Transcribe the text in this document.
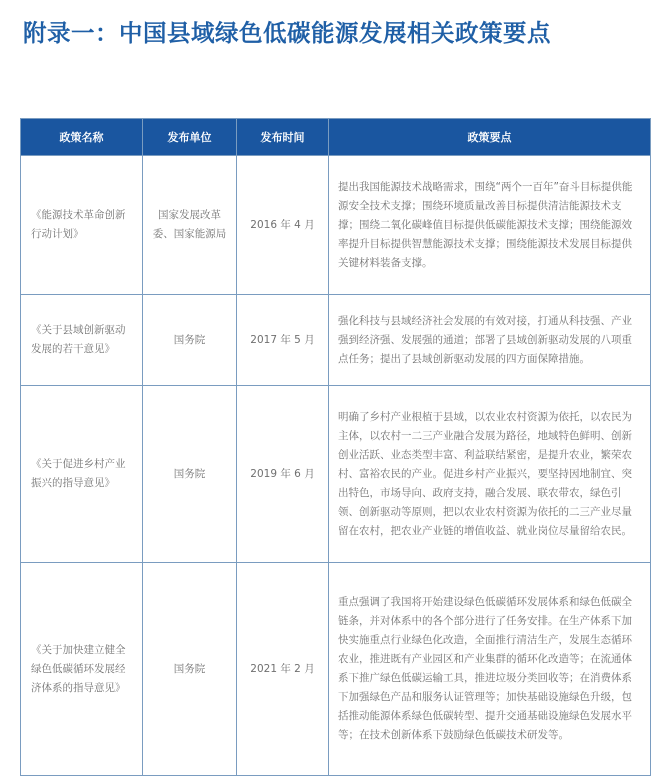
附录一：中国县域绿色低碳能源发展相关政策要点
政策名称	发布单位	发布时间	政策要点
《能源技术革命创新行动计划》	国家发展改革委、国家能源局	2016 年 4 月	提出我国能源技术战略需求，围绕“两个一百年”奋斗目标提供能源安全技术支撑；围绕环境质量改善目标提供清洁能源技术支撑；围绕二氧化碳峰值目标提供低碳能源技术支撑；围绕能源效率提升目标提供智慧能源技术支撑；围绕能源技术发展目标提供关键材料装备支撑。
《关于县域创新驱动发展的若干意见》	国务院	2017 年 5 月	强化科技与县域经济社会发展的有效对接，打通从科技强、产业强到经济强、发展强的通道；部署了县域创新驱动发展的八项重点任务；提出了县域创新驱动发展的四方面保障措施。
《关于促进乡村产业振兴的指导意见》	国务院	2019 年 6 月	明确了乡村产业根植于县域，以农业农村资源为依托，以农民为主体，以农村一二三产业融合发展为路径，地域特色鲜明、创新创业活跃、业态类型丰富、利益联结紧密，是提升农业，繁荣农村、富裕农民的产业。促进乡村产业振兴，要坚持因地制宜、突出特色，市场导向、政府支持，融合发展、联农带农，绿色引领、创新驱动等原则，把以农业农村资源为依托的二三产业尽量留在农村，把农业产业链的增值收益、就业岗位尽量留给农民。
《关于加快建立健全绿色低碳循环发展经济体系的指导意见》	国务院	2021 年 2 月	重点强调了我国将开始建设绿色低碳循环发展体系和绿色低碳全链条，并对体系中的各个部分进行了任务安排。在生产体系下加快实施重点行业绿色化改造，全面推行清洁生产，发展生态循环农业，推进既有产业园区和产业集群的循环化改造等；在流通体系下推广绿色低碳运输工具，推进垃圾分类回收等；在消费体系下加强绿色产品和服务认证管理等；加快基础设施绿色升级，包括推动能源体系绿色低碳转型、提升交通基础设施绿色发展水平等；在技术创新体系下鼓励绿色低碳技术研发等。
